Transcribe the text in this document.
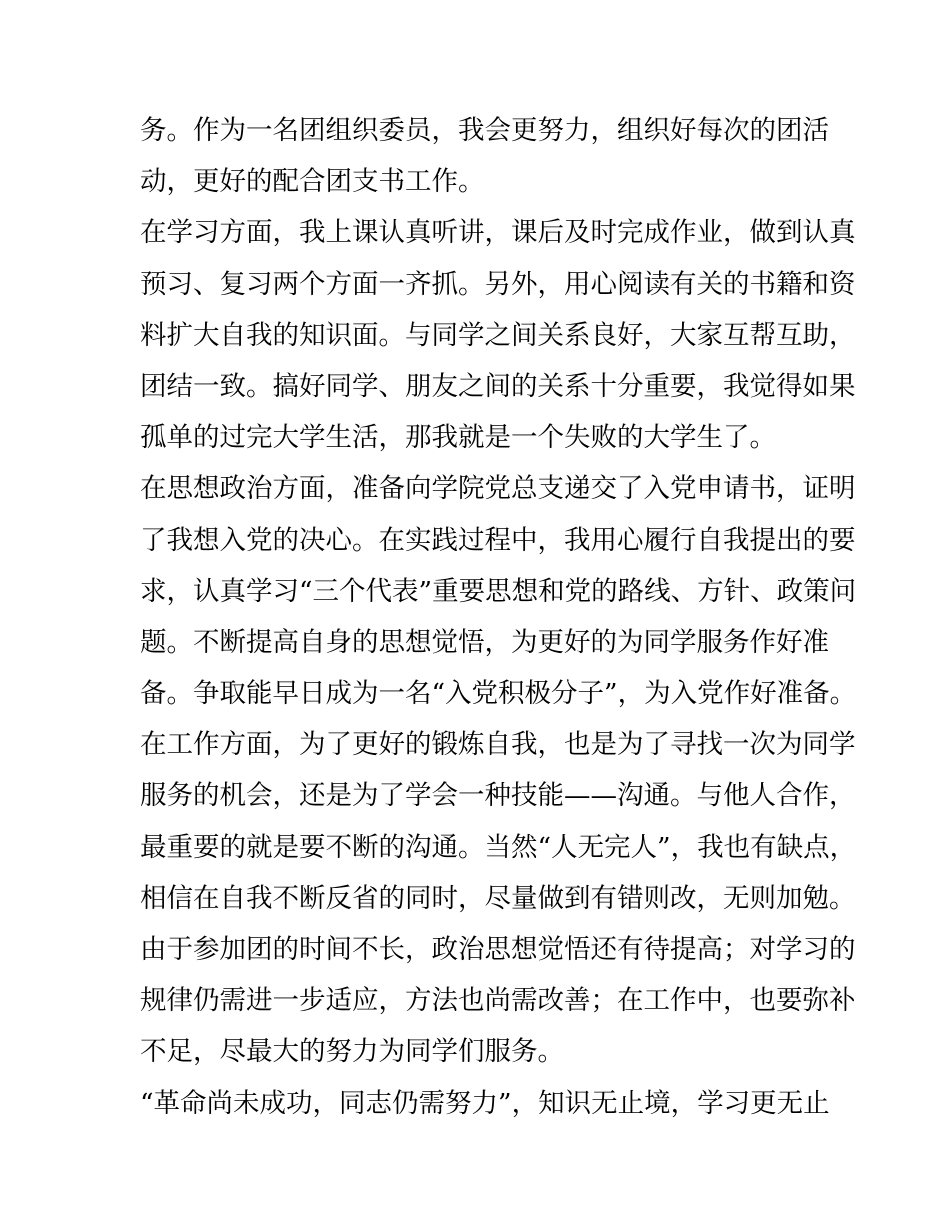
务。作为一名团组织委员，我会更努力，组织好每次的团活
动，更好的配合团支书工作。
在学习方面，我上课认真听讲，课后及时完成作业，做到认真
预习、复习两个方面一齐抓。另外，用心阅读有关的书籍和资
料扩大自我的知识面。与同学之间关系良好，大家互帮互助，
团结一致。搞好同学、朋友之间的关系十分重要，我觉得如果
孤单的过完大学生活，那我就是一个失败的大学生了。
在思想政治方面，准备向学院党总支递交了入党申请书，证明
了我想入党的决心。在实践过程中，我用心履行自我提出的要
求，认真学习“三个代表”重要思想和党的路线、方针、政策问
题。不断提高自身的思想觉悟，为更好的为同学服务作好准
备。争取能早日成为一名“入党积极分子”，为入党作好准备。
在工作方面，为了更好的锻炼自我，也是为了寻找一次为同学
服务的机会，还是为了学会一种技能——沟通。与他人合作，
最重要的就是要不断的沟通。当然“人无完人”，我也有缺点，
相信在自我不断反省的同时，尽量做到有错则改，无则加勉。
由于参加团的时间不长，政治思想觉悟还有待提高；对学习的
规律仍需进一步适应，方法也尚需改善；在工作中，也要弥补
不足，尽最大的努力为同学们服务。
“革命尚未成功，同志仍需努力”，知识无止境，学习更无止
